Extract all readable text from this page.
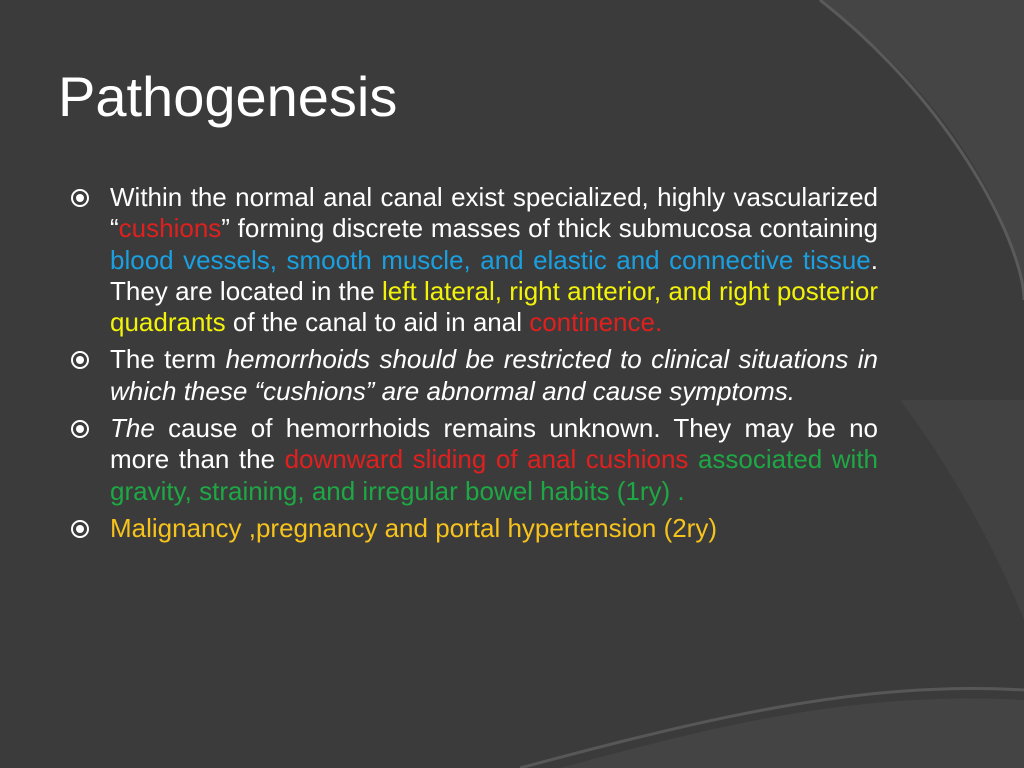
Pathogenesis

Within the normal anal canal exist specialized, highly vascularized “cushions” forming discrete masses of thick submucosa containing blood vessels, smooth muscle, and elastic and connective tissue. They are located in the left lateral, right anterior, and right posterior quadrants of the canal to aid in anal continence.

The term hemorrhoids should be restricted to clinical situations in which these “cushions” are abnormal and cause symptoms.

The cause of hemorrhoids remains unknown. They may be no more than the downward sliding of anal cushions associated with gravity, straining, and irregular bowel habits (1ry) .

Malignancy ,pregnancy and portal hypertension (2ry)
